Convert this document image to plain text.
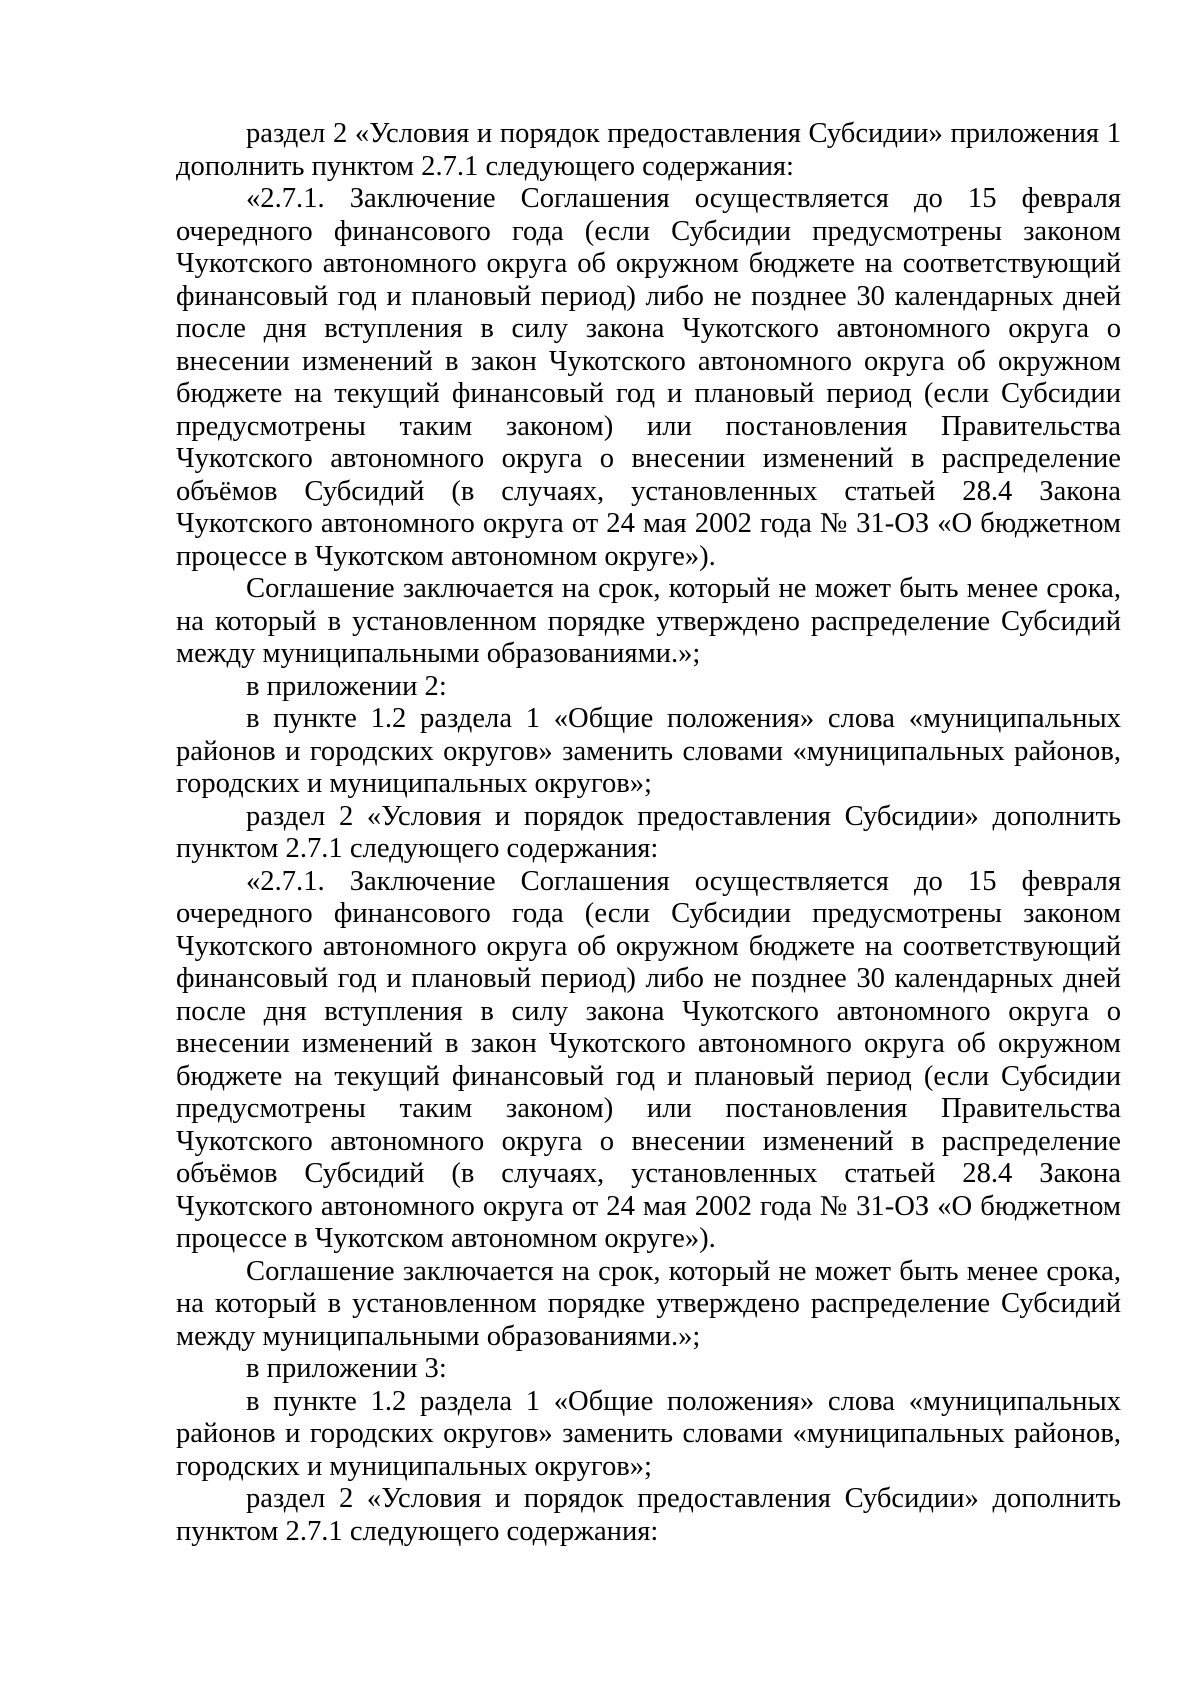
раздел 2 «Условия и порядок предоставления Субсидии» приложения 1 дополнить пунктом 2.7.1 следующего содержания:

«2.7.1. Заключение Соглашения осуществляется до 15 февраля очередного финансового года (если Субсидии предусмотрены законом Чукотского автономного округа об окружном бюджете на соответствующий финансовый год и плановый период) либо не позднее 30 календарных дней после дня вступления в силу закона Чукотского автономного округа о внесении изменений в закон Чукотского автономного округа об окружном бюджете на текущий финансовый год и плановый период (если Субсидии предусмотрены таким законом) или постановления Правительства Чукотского автономного округа о внесении изменений в распределение объёмов Субсидий (в случаях, установленных статьей 28.4 Закона Чукотского автономного округа от 24 мая 2002 года № 31-ОЗ «О бюджетном процессе в Чукотском автономном округе»).

Соглашение заключается на срок, который не может быть менее срока, на который в установленном порядке утверждено распределение Субсидий между муниципальными образованиями.»;

в приложении 2:

в пункте 1.2 раздела 1 «Общие положения» слова «муниципальных районов и городских округов» заменить словами «муниципальных районов, городских и муниципальных округов»;

раздел 2 «Условия и порядок предоставления Субсидии» дополнить пунктом 2.7.1 следующего содержания:

«2.7.1. Заключение Соглашения осуществляется до 15 февраля очередного финансового года (если Субсидии предусмотрены законом Чукотского автономного округа об окружном бюджете на соответствующий финансовый год и плановый период) либо не позднее 30 календарных дней после дня вступления в силу закона Чукотского автономного округа о внесении изменений в закон Чукотского автономного округа об окружном бюджете на текущий финансовый год и плановый период (если Субсидии предусмотрены таким законом) или постановления Правительства Чукотского автономного округа о внесении изменений в распределение объёмов Субсидий (в случаях, установленных статьей 28.4 Закона Чукотского автономного округа от 24 мая 2002 года № 31-ОЗ «О бюджетном процессе в Чукотском автономном округе»).

Соглашение заключается на срок, который не может быть менее срока, на который в установленном порядке утверждено распределение Субсидий между муниципальными образованиями.»;

в приложении 3:

в пункте 1.2 раздела 1 «Общие положения» слова «муниципальных районов и городских округов» заменить словами «муниципальных районов, городских и муниципальных округов»;

раздел 2 «Условия и порядок предоставления Субсидии» дополнить пунктом 2.7.1 следующего содержания:
